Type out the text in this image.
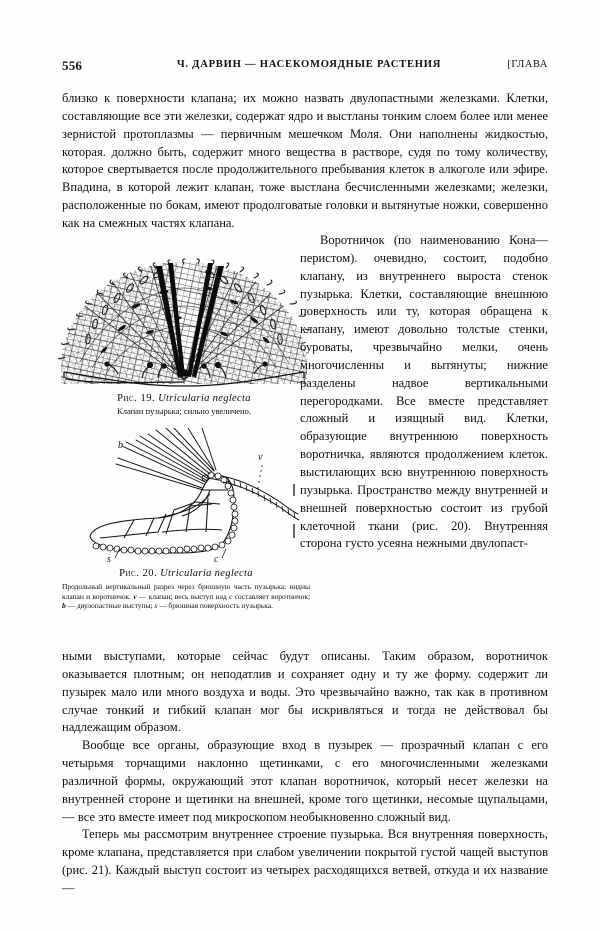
556	Ч. ДАРВИН — НАСЕКОМОЯДНЫЕ РАСТЕНИЯ	[ГЛАВА

близко к поверхности клапана; их можно назвать двулопастными железками. Клетки, составляющие все эти железки, содержат ядро и выстланы тонким слоем более или менее зернистой протоплазмы — первичным мешечком Моля. Они наполнены жидкостью, которая. должно быть, содержит много вещества в растворе, судя по тому количеству, которое свертывается после продолжительного пребывания клеток в алкоголе или эфире. Впадина, в которой лежит клапан, тоже выстлана бесчисленными железками; железки, расположенные по бокам, имеют продолговатые головки и вытянутые ножки, совершенно как на смежных частях клапана.

Рис. 19. Utricularia neglecta
Клапан пузырька; сильно увеличено.
b
v
s	c
Рис. 20. Utricularia neglecta
Продольный вертикальный разрез через брюшную часть пузырька; видны клапан и воротничок. v — клапан; весь выступ над c составляет воротничок; b — двулопастные выступы; s — брюшная поверхность пузырька.

Воротничок (по наименованию Кона—перистом). очевидно, состоит, подобно клапану, из внутреннего выроста стенок пузырька. Клетки, составляющие внешнюю поверхность или ту, которая обращена к клапану, имеют довольно толстые стенки, буроваты, чрезвычайно мелки, очень многочисленны и вытянуты; нижние разделены надвое вертикальными перегородками. Все вместе представляет сложный и изящный вид. Клетки, образующие внутреннюю поверхность воротничка, являются продолжением клеток. выстилающих всю внутреннюю поверхность пузырька. Пространство между внутренней и внешней поверхностью состоит из грубой клеточной ткани (рис. 20). Внутренняя сторона густо усеяна нежными двулопаст-

ными выступами, которые сейчас будут описаны. Таким образом, воротничок оказывается плотным; он неподатлив и сохраняет одну и ту же форму. содержит ли пузырек мало или много воздуха и воды. Это чрезвычайно важно, так как в противном случае тонкий и гибкий клапан мог бы искривляться и тогда не действовал бы надлежащим образом.

Вообще все органы, образующие вход в пузырек — прозрачный клапан с его четырьмя торчащими наклонно щетинками, с его многочисленными железками различной формы, окружающий этот клапан воротничок, который несет железки на внутренней стороне и щетинки на внешней, кроме того щетинки, несомые щупальцами,— все это вместе имеет под микроскопом необыкновенно сложный вид.

Теперь мы рассмотрим внутреннее строение пузырька. Вся внутренняя поверхность, кроме клапана, представляется при слабом увеличении покрытой густой чащей выступов (рис. 21). Каждый выступ состоит из четырех расходящихся ветвей, откуда и их название —
